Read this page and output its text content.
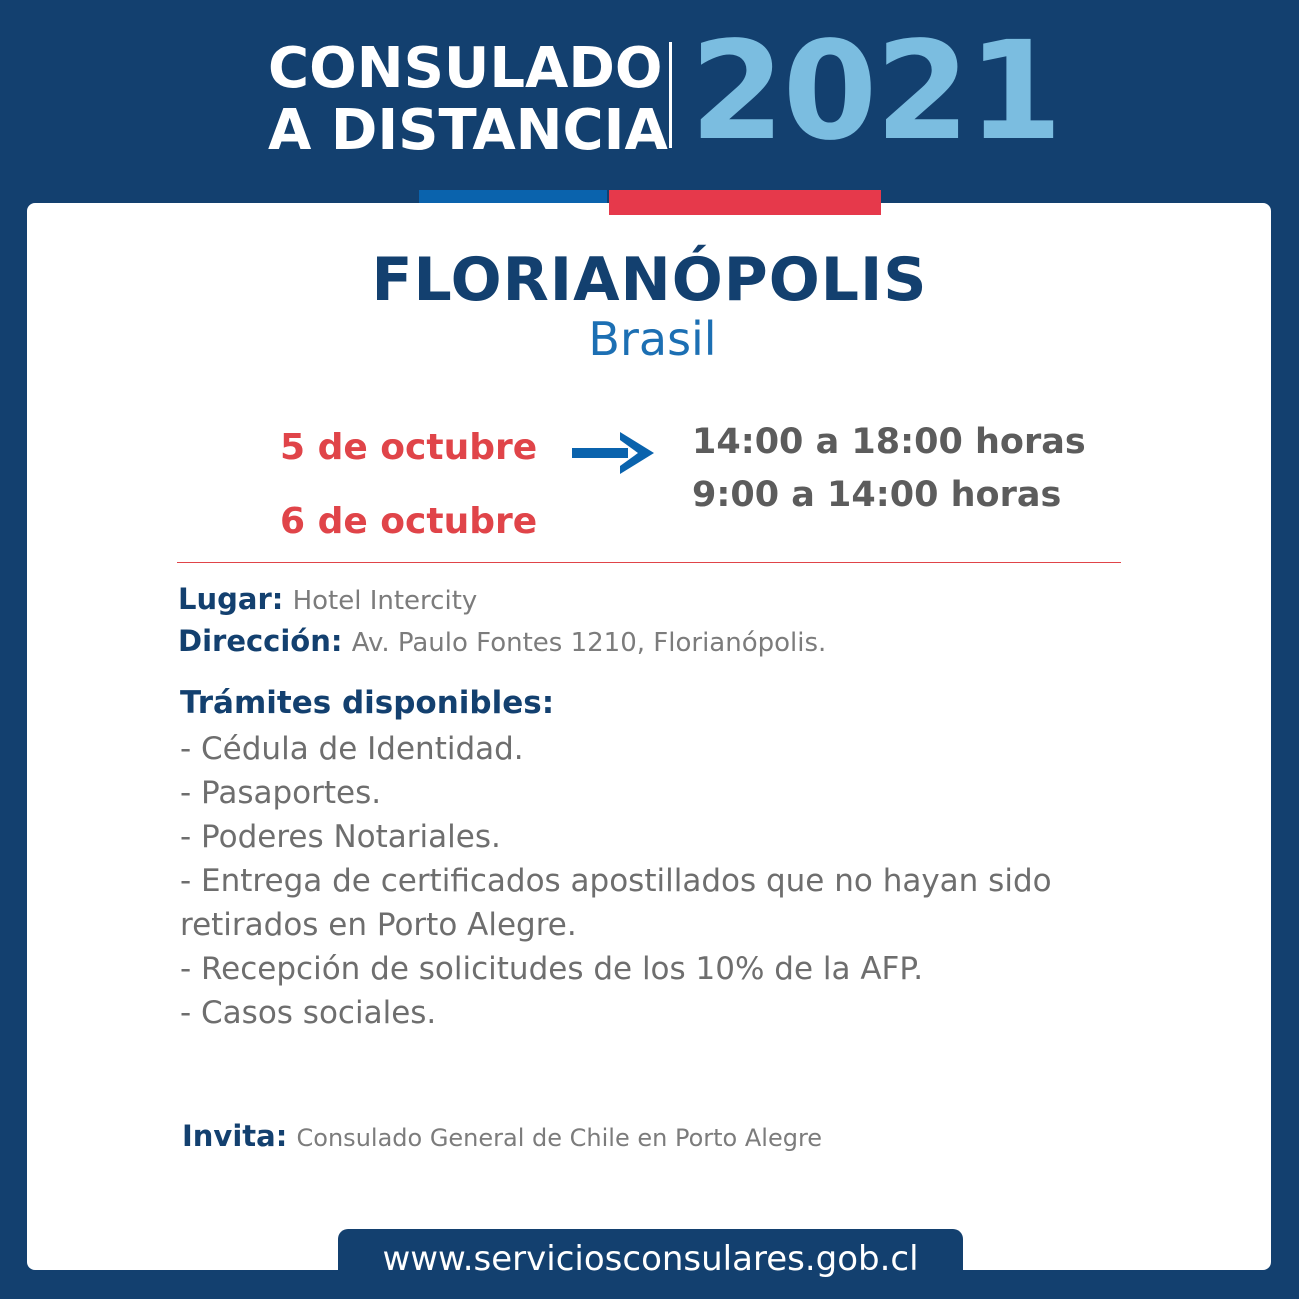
CONSULADO
A DISTANCIA 2021
FLORIANÓPOLIS
Brasil
5 de octubre
6 de octubre
14:00 a 18:00 horas
9:00 a 14:00 horas
Lugar: Hotel Intercity
Dirección: Av. Paulo Fontes 1210, Florianópolis.
Trámites disponibles:
- Cédula de Identidad.
- Pasaportes.
- Poderes Notariales.
- Entrega de certificados apostillados que no hayan sido
retirados en Porto Alegre.
- Recepción de solicitudes de los 10% de la AFP.
- Casos sociales.
Invita: Consulado General de Chile en Porto Alegre
www.serviciosconsulares.gob.cl
